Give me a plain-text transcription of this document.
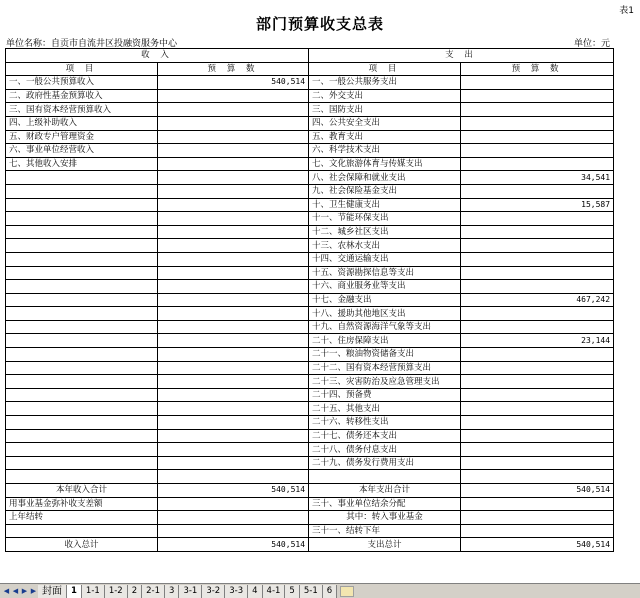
表1
部门预算收支总表
单位名称：自贡市自流井区投融资服务中心	单位：元
收 入		支 出	
项 目	预 算 数	项 目	预 算 数
一、一般公共预算收入	540,514	一、一般公共服务支出	
二、政府性基金预算收入		二、外交支出	
三、国有资本经营预算收入		三、国防支出	
四、上级补助收入		四、公共安全支出	
五、财政专户管理资金		五、教育支出	
六、事业单位经营收入		六、科学技术支出	
七、其他收入安排		七、文化旅游体育与传媒支出	
		八、社会保障和就业支出	34,541
		九、社会保险基金支出	
		十、卫生健康支出	15,587
		十一、节能环保支出	
		十二、城乡社区支出	
		十三、农林水支出	
		十四、交通运输支出	
		十五、资源勘探信息等支出	
		十六、商业服务业等支出	
		十七、金融支出	467,242
		十八、援助其他地区支出	
		十九、自然资源海洋气象等支出	
		二十、住房保障支出	23,144
		二十一、粮油物资储备支出	
		二十二、国有资本经营预算支出	
		二十三、灾害防治及应急管理支出	
		二十四、预备费	
		二十五、其他支出	
		二十六、转移性支出	
		二十七、债务还本支出	
		二十八、债务付息支出	
		二十九、债务发行费用支出	

本年收入合计	540,514	本年支出合计	540,514
用事业基金弥补收支差额		三十、事业单位结余分配	
上年结转		其中：转入事业基金	
		三十一、结转下年	
收入总计	540,514	支出总计	540,514
◀ ◀ ▶ ▶ 封面	1	1-1	1-2	2	2-1	3	3-1	3-2	3-3	4	4-1	5	5-1	6
